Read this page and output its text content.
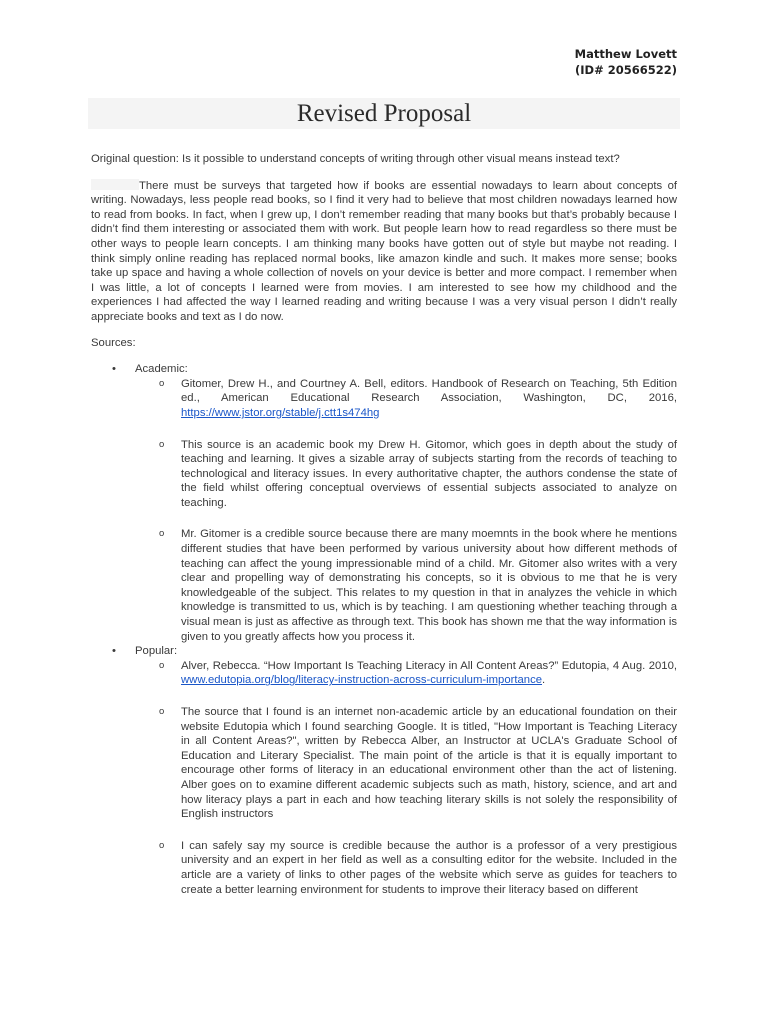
Matthew Lovett
(ID# 20566522)
Revised Proposal

Original question: Is it possible to understand concepts of writing through other visual means instead text?

There must be surveys that targeted how if books are essential nowadays to learn about concepts of writing. Nowadays, less people read books, so I find it very had to believe that most children nowadays learned how to read from books. In fact, when I grew up, I don’t remember reading that many books but that’s probably because I didn’t find them interesting or associated them with work. But people learn how to read regardless so there must be other ways to people learn concepts. I am thinking many books have gotten out of style but maybe not reading. I think simply online reading has replaced normal books, like amazon kindle and such. It makes more sense; books take up space and having a whole collection of novels on your device is better and more compact. I remember when I was little, a lot of concepts I learned were from movies. I am interested to see how my childhood and the experiences I had affected the way I learned reading and writing because I was a very visual person I didn’t really appreciate books and text as I do now.

Sources:

• Academic:
o Gitomer, Drew H., and Courtney A. Bell, editors. Handbook of Research on Teaching, 5th Edition ed., American Educational Research Association, Washington, DC, 2016, https://www.jstor.org/stable/j.ctt1s474hg
o This source is an academic book my Drew H. Gitomor, which goes in depth about the study of teaching and learning. It gives a sizable array of subjects starting from the records of teaching to technological and literacy issues. In every authoritative chapter, the authors condense the state of the field whilst offering conceptual overviews of essential subjects associated to analyze on teaching.
o Mr. Gitomer is a credible source because there are many moemnts in the book where he mentions different studies that have been performed by various university about how different methods of teaching can affect the young impressionable mind of a child. Mr. Gitomer also writes with a very clear and propelling way of demonstrating his concepts, so it is obvious to me that he is very knowledgeable of the subject. This relates to my question in that in analyzes the vehicle in which knowledge is transmitted to us, which is by teaching. I am questioning whether teaching through a visual mean is just as affective as through text. This book has shown me that the way information is given to you greatly affects how you process it.
• Popular:
o Alver, Rebecca. “How Important Is Teaching Literacy in All Content Areas?” Edutopia, 4 Aug. 2010, www.edutopia.org/blog/literacy-instruction-across-curriculum-importance.
o The source that I found is an internet non-academic article by an educational foundation on their website Edutopia which I found searching Google. It is titled, "How Important is Teaching Literacy in all Content Areas?", written by Rebecca Alber, an Instructor at UCLA's Graduate School of Education and Literary Specialist. The main point of the article is that it is equally important to encourage other forms of literacy in an educational environment other than the act of listening. Alber goes on to examine different academic subjects such as math, history, science, and art and how literacy plays a part in each and how teaching literary skills is not solely the responsibility of English instructors
o I can safely say my source is credible because the author is a professor of a very prestigious university and an expert in her field as well as a consulting editor for the website. Included in the article are a variety of links to other pages of the website which serve as guides for teachers to create a better learning environment for students to improve their literacy based on different
